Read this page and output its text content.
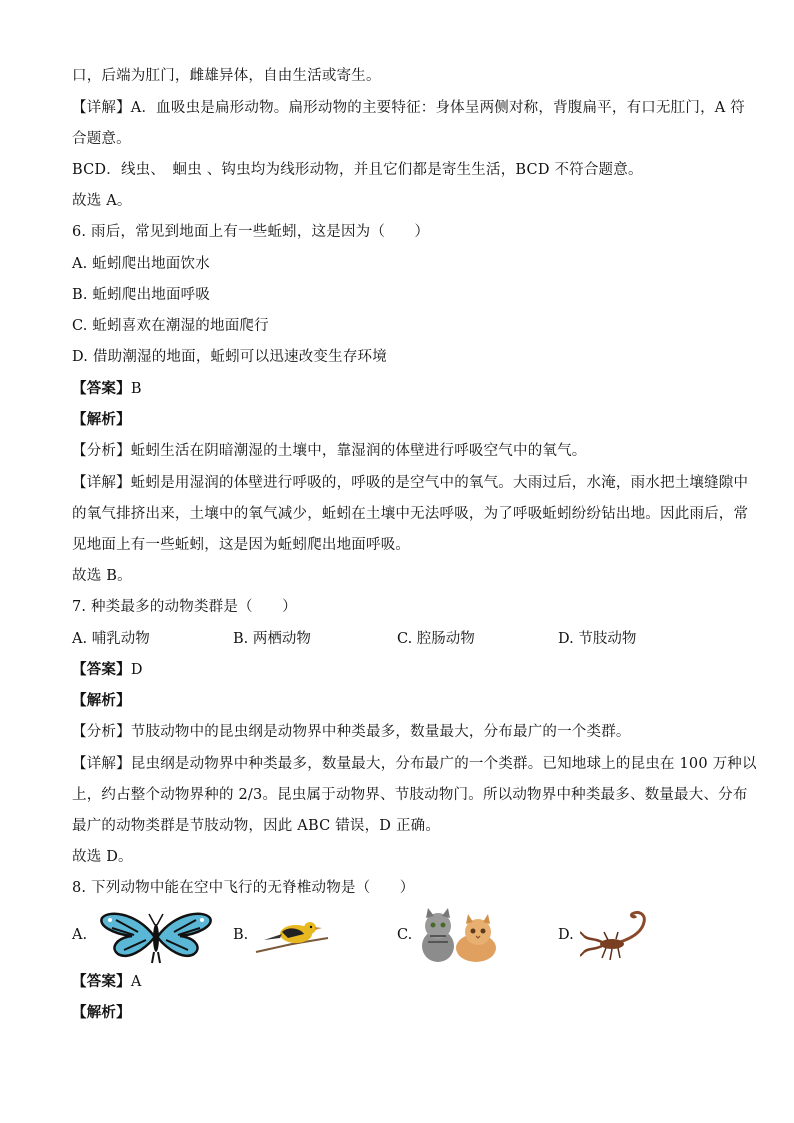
口，后端为肛门，雌雄异体，自由生活或寄生。
【详解】A．血吸虫是扁形动物。扁形动物的主要特征：身体呈两侧对称，背腹扁平，有口无肛门，A 符
合题意。
BCD．线虫、　蛔虫 、钩虫均为线形动物，并且它们都是寄生生活，BCD 不符合题意。
故选 A。
6. 雨后，常见到地面上有一些蚯蚓，这是因为（　　）
A. 蚯蚓爬出地面饮水
B. 蚯蚓爬出地面呼吸
C. 蚯蚓喜欢在潮湿的地面爬行
D. 借助潮湿的地面，蚯蚓可以迅速改变生存环境
【答案】B
【解析】
【分析】蚯蚓生活在阴暗潮湿的土壤中，靠湿润的体壁进行呼吸空气中的氧气。
【详解】蚯蚓是用湿润的体壁进行呼吸的，呼吸的是空气中的氧气。大雨过后，水淹，雨水把土壤缝隙中
的氧气排挤出来，土壤中的氧气减少，蚯蚓在土壤中无法呼吸，为了呼吸蚯蚓纷纷钻出地。因此雨后，常
见地面上有一些蚯蚓，这是因为蚯蚓爬出地面呼吸。
故选 B。
7. 种类最多的动物类群是（　　）
A. 哺乳动物	B. 两栖动物	C. 腔肠动物	D. 节肢动物
【答案】D
【解析】
【分析】节肢动物中的昆虫纲是动物界中种类最多，数量最大，分布最广的一个类群。
【详解】昆虫纲是动物界中种类最多，数量最大，分布最广的一个类群。已知地球上的昆虫在 100 万种以
上，约占整个动物界种的 2/3。昆虫属于动物界、节肢动物门。所以动物界中种类最多、数量最大、分布
最广的动物类群是节肢动物，因此 ABC 错误，D 正确。
故选 D。
8. 下列动物中能在空中飞行的无脊椎动物是（　　）
A.	B.	C.	D.
【答案】A
【解析】
